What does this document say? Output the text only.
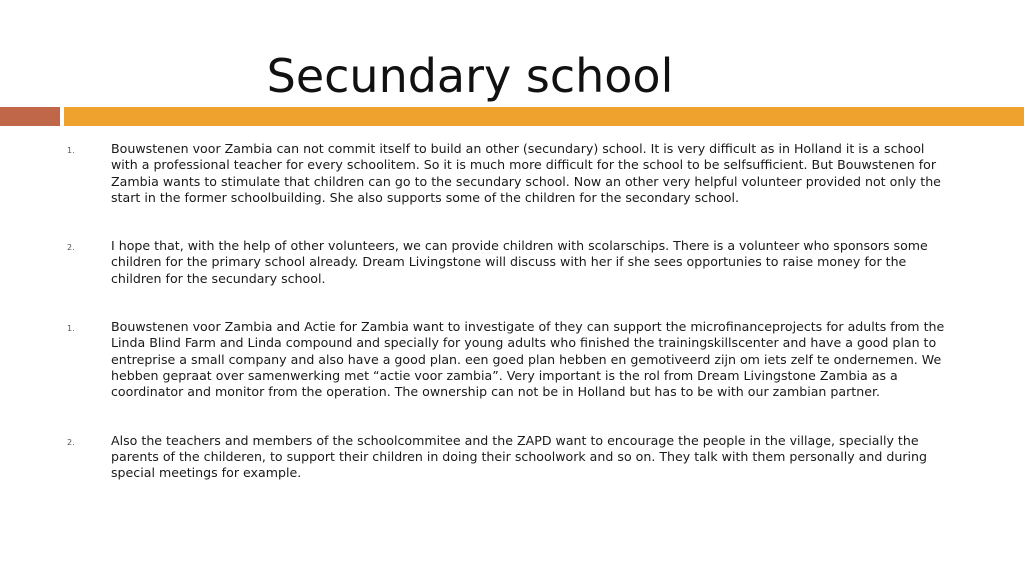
Secundary school
1.	Bouwstenen voor Zambia can not commit itself to build an other (secundary) school. It is very difficult as in Holland it is a school with a professional teacher for every schoolitem. So it is much more difficult for the school to be selfsufficient. But Bouwstenen for Zambia wants to stimulate that children can go to the secundary school. Now an other very helpful volunteer provided not only the start in the former schoolbuilding. She also supports some of the children for the secondary school.
2.	I hope that, with the help of other volunteers, we can provide children with scolarschips. There is a volunteer who sponsors some children for the primary school already. Dream Livingstone will discuss with her if she sees opportunies to raise money for the children for the secundary school.
1.	Bouwstenen voor Zambia and Actie for Zambia want to investigate of they can support the microfinanceprojects for adults from the Linda Blind Farm and Linda compound and specially for young adults who finished the trainingskillscenter and have a good plan to entreprise a small company and also have a good plan. een goed plan hebben en gemotiveerd zijn om iets zelf te ondernemen. We hebben gepraat over samenwerking met “actie voor zambia”. Very important is the rol from Dream Livingstone Zambia as a coordinator and monitor from the operation. The ownership can not be in Holland but has to be with our zambian partner.
2.	Also the teachers and members of the schoolcommitee and the ZAPD want to encourage the people in the village, specially the parents of the childeren, to support their children in doing their schoolwork and so on. They talk with them personally and during special meetings for example.
